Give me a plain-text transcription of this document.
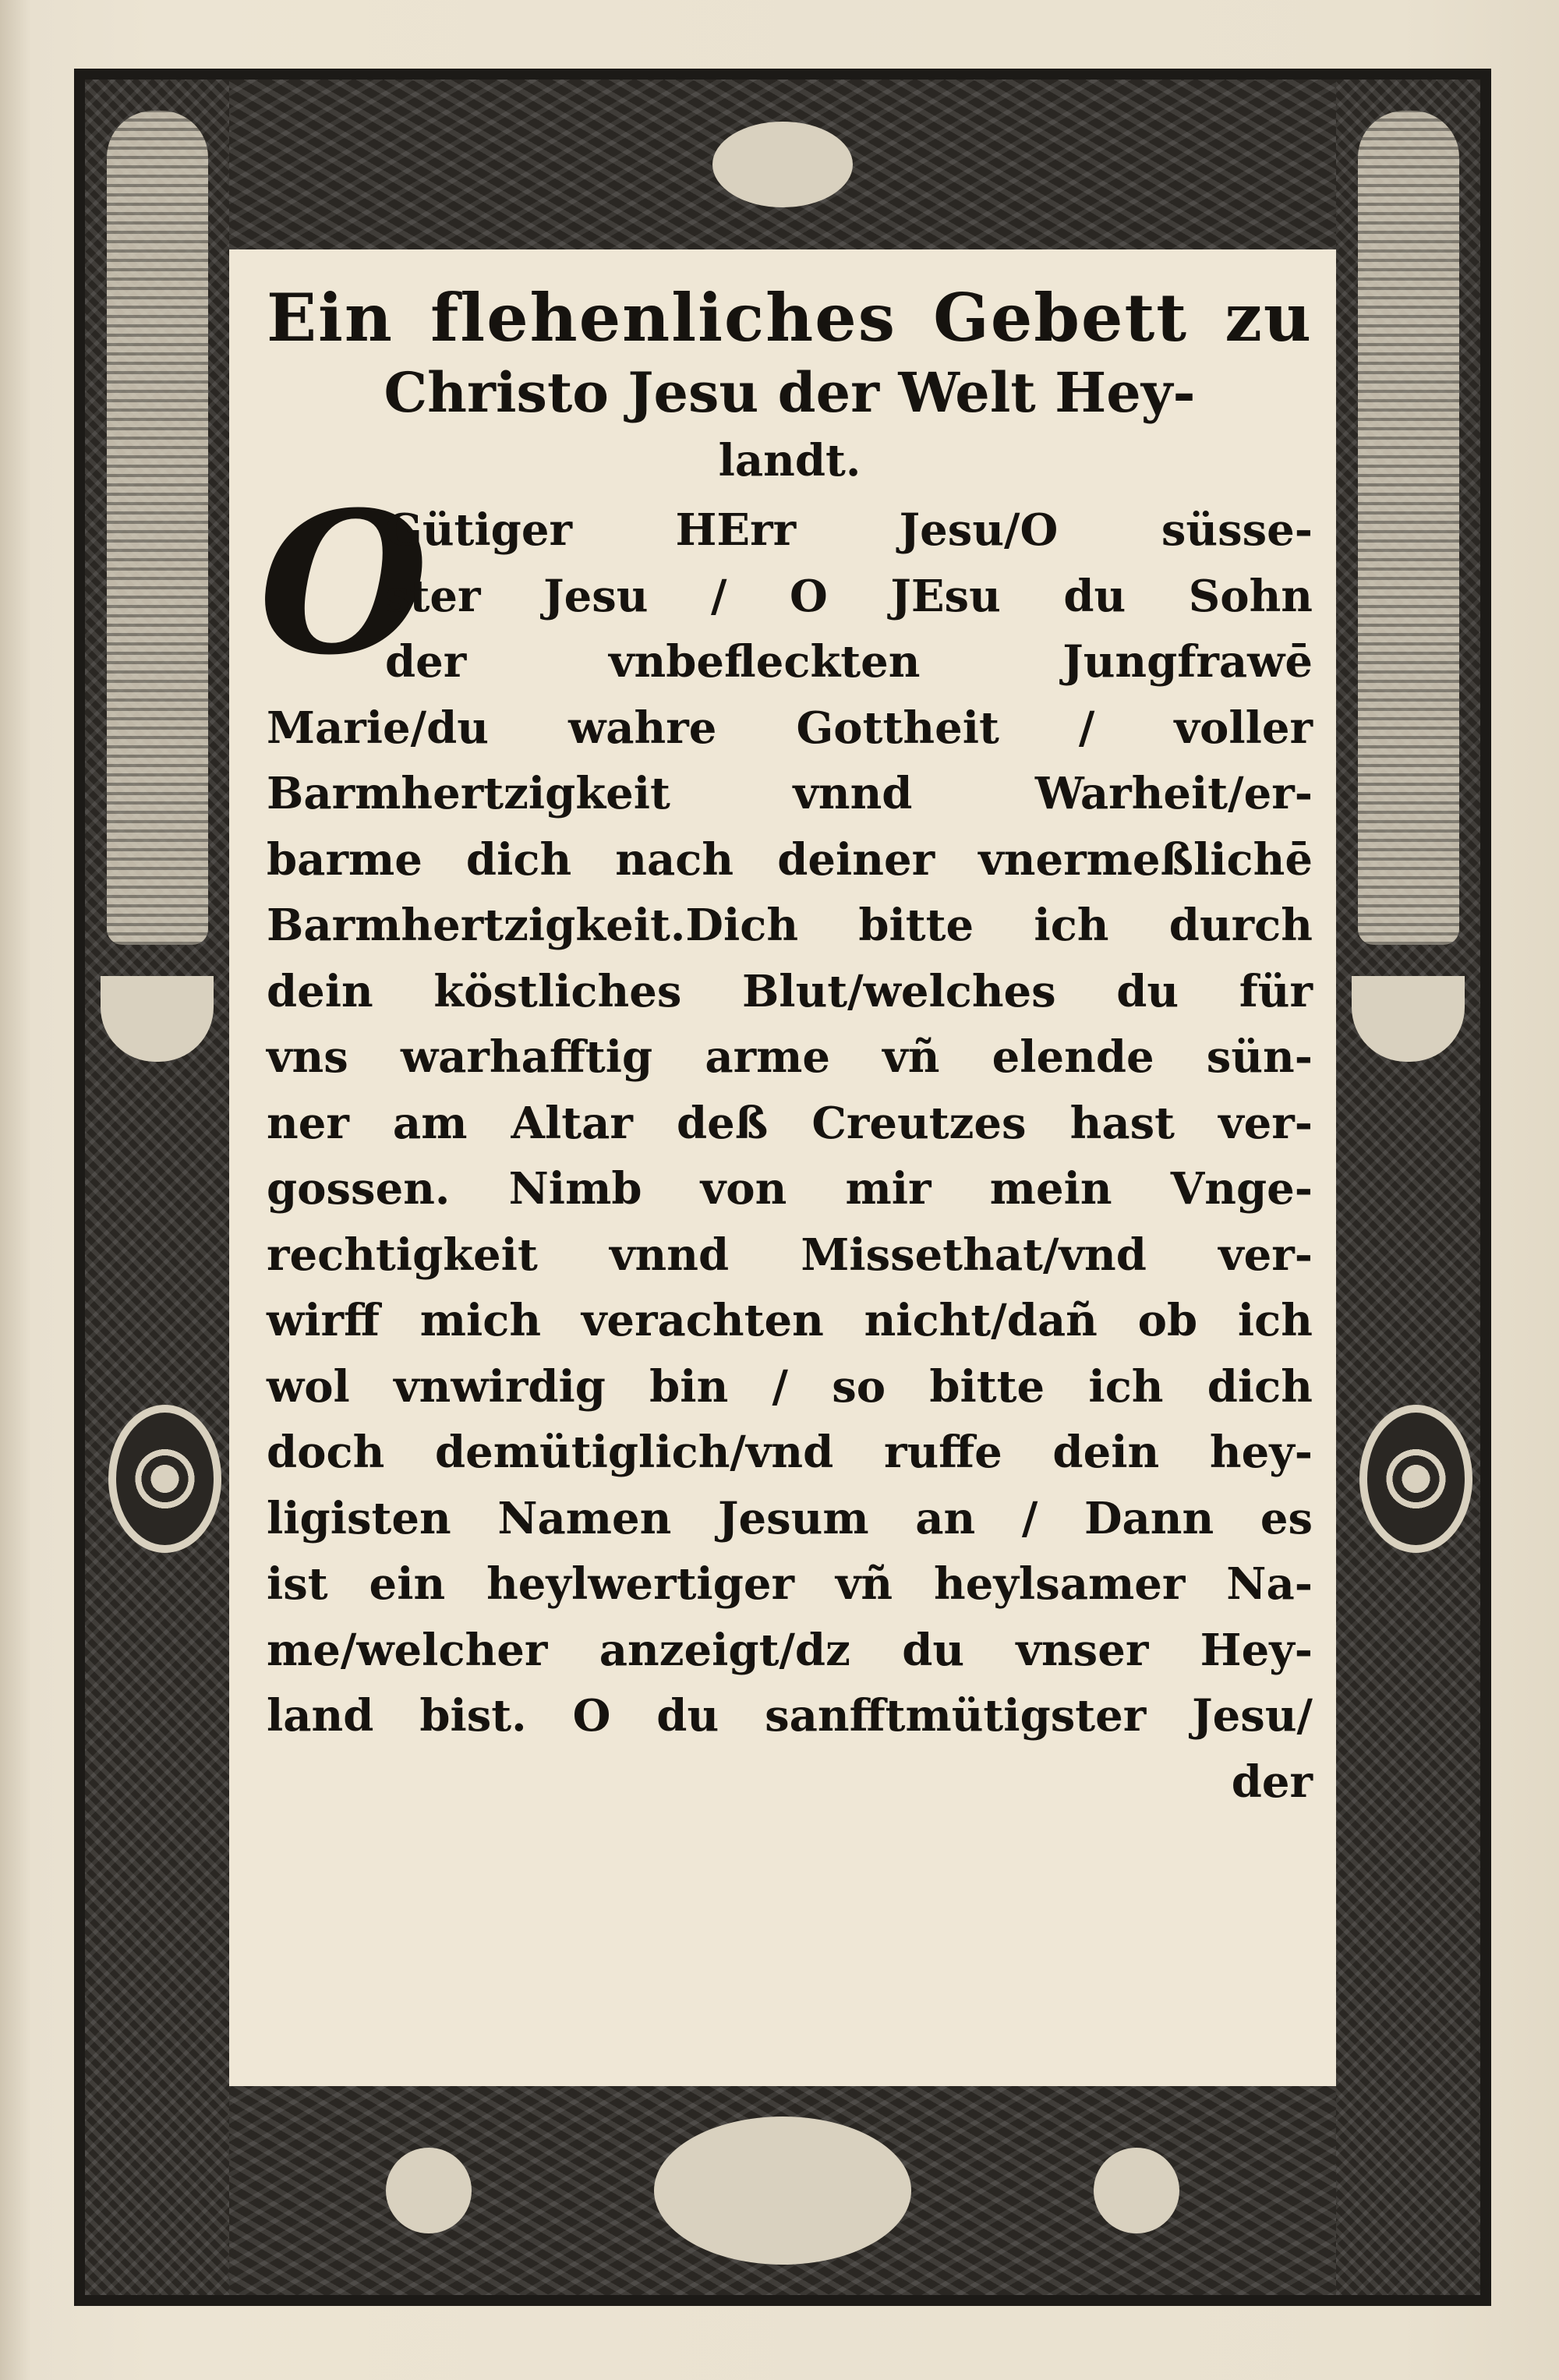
Ein flehenliches Gebett zu
Christo Jesu der Welt Hey-
landt.
O
Gütiger HErr Jesu/O süsse-
ster Jesu / O JEsu du Sohn
der vnbefleckten Jungfrawē
Marie/du wahre Gottheit / voller
Barmhertzigkeit vnnd Warheit/er-
barme dich nach deiner vnermeßlichē
Barmhertzigkeit.Dich bitte ich durch
dein köstliches Blut/welches du für
vns warhafftig arme vñ elende sün-
ner am Altar deß Creutzes hast ver-
gossen. Nimb von mir mein Vnge-
rechtigkeit vnnd Missethat/vnd ver-
wirff mich verachten nicht/dañ ob ich
wol vnwirdig bin / so bitte ich dich
doch demütiglich/vnd ruffe dein hey-
ligisten Namen Jesum an / Dann es
ist ein heylwertiger vñ heylsamer Na-
me/welcher anzeigt/dz du vnser Hey-
land bist. O du sanfftmütigster Jesu/
der
